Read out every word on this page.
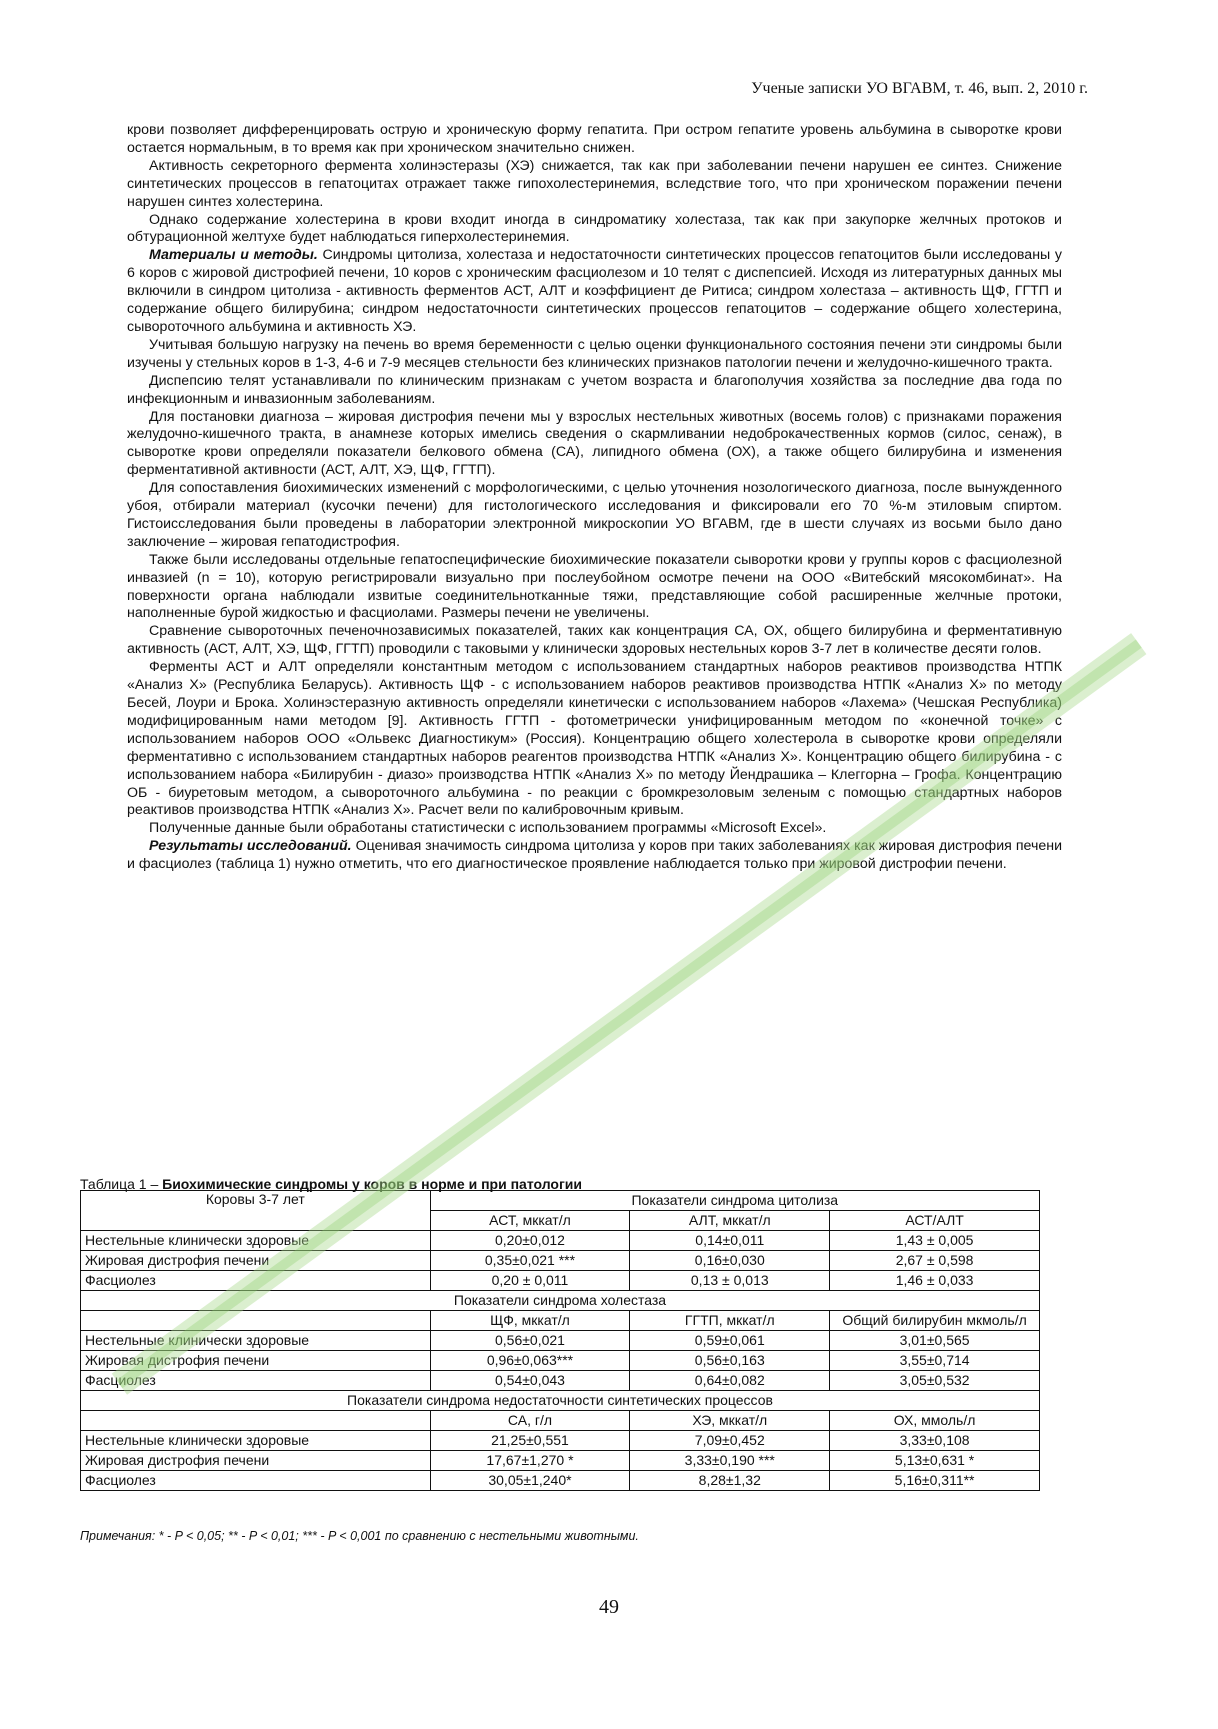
Ученые записки УО ВГАВМ, т. 46, вып. 2, 2010 г.

крови позволяет дифференцировать острую и хроническую форму гепатита. При остром гепатите уровень альбумина в сыворотке крови остается нормальным, в то время как при хроническом значительно снижен.

Активность секреторного фермента холинэстеразы (ХЭ) снижается, так как при заболевании печени нарушен ее синтез. Снижение синтетических процессов в гепатоцитах отражает также гипохолестеринемия, вследствие того, что при хроническом поражении печени нарушен синтез холестерина.

Однако содержание холестерина в крови входит иногда в синдроматику холестаза, так как при закупорке желчных протоков и обтурационной желтухе будет наблюдаться гиперхолестеринемия.

Материалы и методы. Синдромы цитолиза, холестаза и недостаточности синтетических процессов гепатоцитов были исследованы у 6 коров с жировой дистрофией печени, 10 коров с хроническим фасциолезом и 10 телят с диспепсией. Исходя из литературных данных мы включили в синдром цитолиза - активность ферментов АСТ, АЛТ и коэффициент де Ритиса; синдром холестаза – активность ЩФ, ГГТП и содержание общего билирубина; синдром недостаточности синтетических процессов гепатоцитов – содержание общего холестерина, сывороточного альбумина и активность ХЭ.

Учитывая большую нагрузку на печень во время беременности с целью оценки функционального состояния печени эти синдромы были изучены у стельных коров в 1-3, 4-6 и 7-9 месяцев стельности без клинических признаков патологии печени и желудочно-кишечного тракта.

Диспепсию телят устанавливали по клиническим признакам с учетом возраста и благополучия хозяйства за последние два года по инфекционным и инвазионным заболеваниям.

Для постановки диагноза – жировая дистрофия печени мы у взрослых нестельных животных (восемь голов) с признаками поражения желудочно-кишечного тракта, в анамнезе которых имелись сведения о скармливании недоброкачественных кормов (силос, сенаж), в сыворотке крови определяли показатели белкового обмена (СА), липидного обмена (ОХ), а также общего билирубина и изменения ферментативной активности (АСТ, АЛТ, ХЭ, ЩФ, ГГТП).

Для сопоставления биохимических изменений с морфологическими, с целью уточнения нозологического диагноза, после вынужденного убоя, отбирали материал (кусочки печени) для гистологического исследования и фиксировали его 70 %-м этиловым спиртом. Гистоисследования были проведены в лаборатории электронной микроскопии УО ВГАВМ, где в шести случаях из восьми было дано заключение – жировая гепатодистрофия.

Также были исследованы отдельные гепатоспецифические биохимические показатели сыворотки крови у группы коров с фасциолезной инвазией (n = 10), которую регистрировали визуально при послеубойном осмотре печени на ООО «Витебский мясокомбинат». На поверхности органа наблюдали извитые соединительнотканные тяжи, представляющие собой расширенные желчные протоки, наполненные бурой жидкостью и фасциолами. Размеры печени не увеличены.

Сравнение сывороточных печеночнозависимых показателей, таких как концентрация СА, ОХ, общего билирубина и ферментативную активность (АСТ, АЛТ, ХЭ, ЩФ, ГГТП) проводили с таковыми у клинически здоровых нестельных коров 3-7 лет в количестве десяти голов.

Ферменты АСТ и АЛТ определяли константным методом с использованием стандартных наборов реактивов производства НТПК «Анализ Х» (Республика Беларусь). Активность ЩФ - с использованием наборов реактивов производства НТПК «Анализ Х» по методу Бесей, Лоури и Брока. Холинэстеразную активность определяли кинетически с использованием наборов «Лахема» (Чешская Республика) модифицированным нами методом [9]. Активность ГГТП - фотометрически унифицированным методом по «конечной точке» с использованием наборов ООО «Ольвекс Диагностикум» (Россия). Концентрацию общего холестерола в сыворотке крови определяли ферментативно с использованием стандартных наборов реагентов производства НТПК «Анализ Х». Концентрацию общего билирубина - с использованием набора «Билирубин - диазо» производства НТПК «Анализ Х» по методу Йендрашика – Клеггорна – Грофа. Концентрацию ОБ - биуретовым методом, а сывороточного альбумина - по реакции с бромкрезоловым зеленым с помощью стандартных наборов реактивов производства НТПК «Анализ Х». Расчет вели по калибровочным кривым.

Полученные данные были обработаны статистически с использованием программы «Microsoft Excel».

Результаты исследований. Оценивая значимость синдрома цитолиза у коров при таких заболеваниях как жировая дистрофия печени и фасциолез (таблица 1) нужно отметить, что его диагностическое проявление наблюдается только при жировой дистрофии печени.

Таблица 1 – Биохимические синдромы у коров в норме и при патологии
Коровы 3-7 лет	Показатели синдрома цитолиза		
	АСТ, мккат/л	АЛТ, мккат/л	АСТ/АЛТ
Нестельные клинически здоровые	0,20±0,012	0,14±0,011	1,43 ± 0,005
Жировая дистрофия печени	0,35±0,021 ***	0,16±0,030	2,67 ± 0,598
Фасциолез	0,20 ± 0,011	0,13 ± 0,013	1,46 ± 0,033
Показатели синдрома холестаза			
	ЩФ, мккат/л	ГГТП, мккат/л	Общий билирубин мкмоль/л
Нестельные клинически здоровые	0,56±0,021	0,59±0,061	3,01±0,565
Жировая дистрофия печени	0,96±0,063***	0,56±0,163	3,55±0,714
Фасциолез	0,54±0,043	0,64±0,082	3,05±0,532
Показатели синдрома недостаточности синтетических процессов			
	СА, г/л	ХЭ, мккат/л	ОХ, ммоль/л
Нестельные клинически здоровые	21,25±0,551	7,09±0,452	3,33±0,108
Жировая дистрофия печени	17,67±1,270 *	3,33±0,190 ***	5,13±0,631 *
Фасциолез	30,05±1,240*	8,28±1,32	5,16±0,311**
Примечания: * - P < 0,05; ** - P < 0,01; *** - P < 0,001 по сравнению с нестельными животными.
49
